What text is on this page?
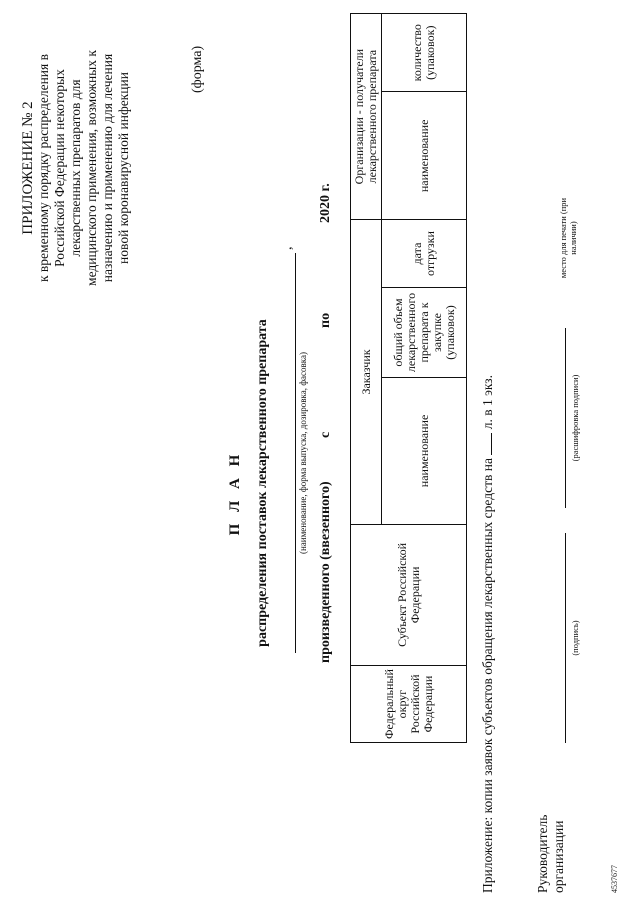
ПРИЛОЖЕНИЕ № 2 к временному порядку распределения в Российской Федерации некоторых лекарственных препаратов для медицинского применения, возможных к назначению и применению для лечения новой коронавирусной инфекции
(форма)
П Л А Н распределения поставок лекарственного препарата
,
(наименование, форма выпуска, дозировка, фасовка)
произведенного (ввезенного)
с
по
2020 г.
Федеральный округ Российской Федерации	Субъект Российской Федерации	Заказчик			Организации - получатели лекарственного препарата	
		наименование	общий объем лекарственного препарата к закупке (упаковок)	дата отгрузки	наименование	количество (упаковок)
Приложение: копии заявок субъектов обращения лекарственных средств на  л. в 1 экз.
Руководитель организации
(подпись)
(расшифровка подписи)
место для печати (при наличии)
4537677
